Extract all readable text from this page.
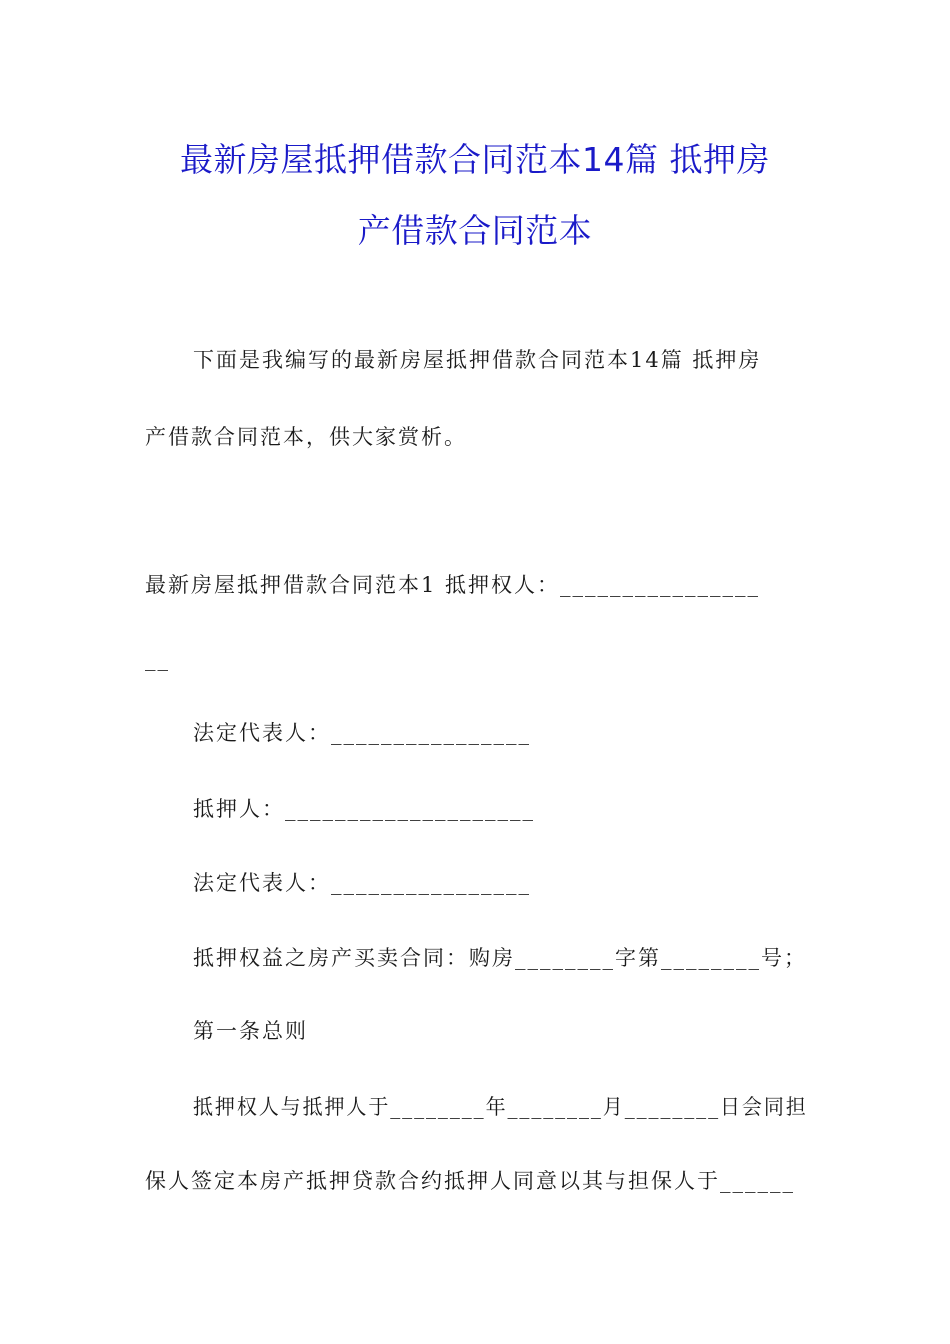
最新房屋抵押借款合同范本14篇 抵押房
产借款合同范本
下面是我编写的最新房屋抵押借款合同范本14篇 抵押房
产借款合同范本，供大家赏析。
最新房屋抵押借款合同范本1 抵押权人：________________
__
法定代表人：________________
抵押人：____________________
法定代表人：________________
抵押权益之房产买卖合同：购房________字第________号；
第一条总则
抵押权人与抵押人于________年________月________日会同担
保人签定本房产抵押贷款合约抵押人同意以其与担保人于______
